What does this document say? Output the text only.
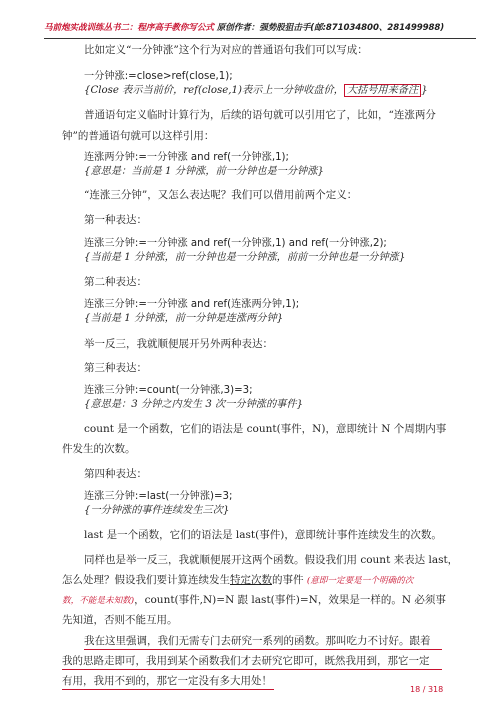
马前炮实战训练丛书二：程序高手教你写公式 原创作者：强势股狙击手(邮:871034800、281499988)
比如定义“一分钟涨”这个行为对应的普通语句我们可以写成：
一分钟涨:=close>ref(close,1);
{Close 表示当前价，ref(close,1)表示上一分钟收盘价， 大括号用来备注 }
普通语句定义临时计算行为，后续的语句就可以引用它了，比如，“连涨两分
钟”的普通语句就可以这样引用：
连涨两分钟:=一分钟涨 and ref(一分钟涨,1);
{意思是：当前是 1 分钟涨，前一分钟也是一分钟涨}
“连涨三分钟”，又怎么表达呢？我们可以借用前两个定义：
第一种表达：
连涨三分钟:=一分钟涨 and ref(一分钟涨,1) and ref(一分钟涨,2);
{当前是 1 分钟涨，前一分钟也是一分钟涨，前前一分钟也是一分钟涨}
第二种表达：
连涨三分钟:=一分钟涨 and ref(连涨两分钟,1);
{当前是 1 分钟涨，前一分钟是连涨两分钟}
举一反三，我就顺便展开另外两种表达：
第三种表达：
连涨三分钟:=count(一分钟涨,3)=3;
{意思是：3 分钟之内发生 3 次一分钟涨的事件}
count 是一个函数，它们的语法是 count(事件，N)，意即统计 N 个周期内事
件发生的次数。
第四种表达：
连涨三分钟:=last(一分钟涨)=3;
{一分钟涨的事件连续发生三次}
last 是一个函数，它们的语法是 last(事件)，意即统计事件连续发生的次数。
同样也是举一反三，我就顺便展开这两个函数。假设我们用 count 来表达 last，
怎么处理？假设我们要计算连续发生特定次数的事件 (意即一定要是一个明确的次
数，不能是未知数)，count(事件,N)=N 跟 last(事件)=N，效果是一样的。N 必须事
先知道，否则不能互用。
我在这里强调，我们无需专门去研究一系列的函数。那叫吃力不讨好。跟着
我的思路走即可，我用到某个函数我们才去研究它即可，既然我用到，那它一定
有用，我用不到的，那它一定没有多大用处！
18 / 318
